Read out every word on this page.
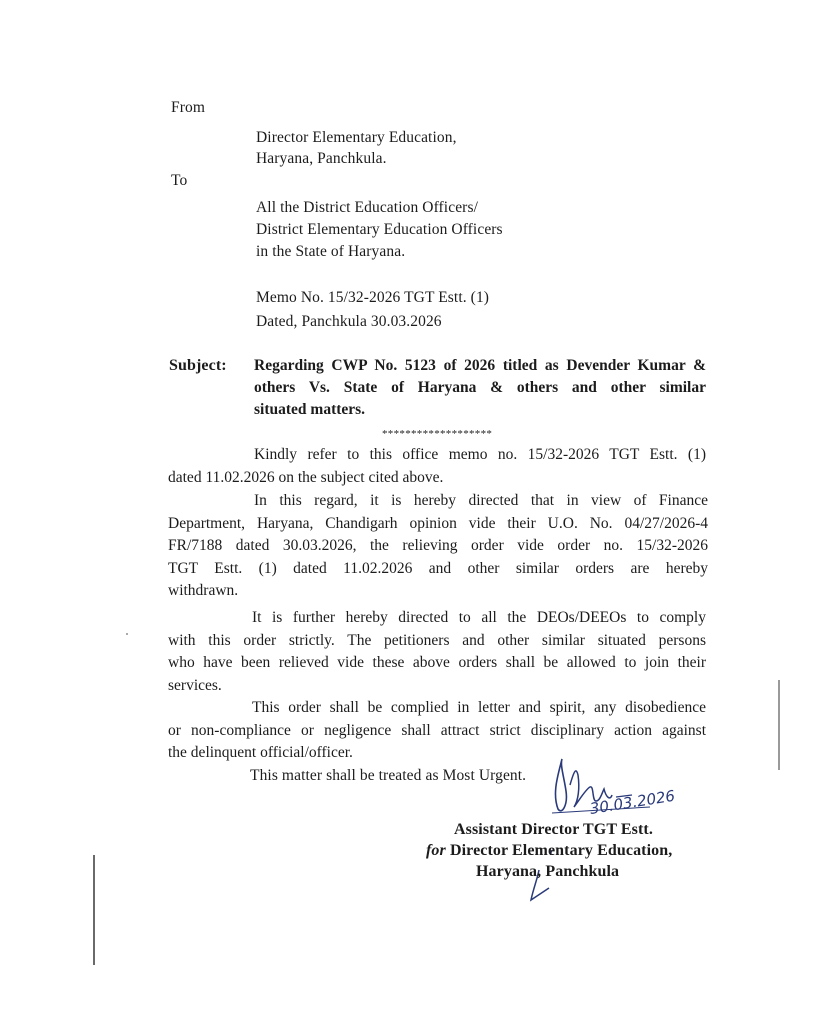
From
Director Elementary Education,
Haryana, Panchkula.
To
All the District Education Officers/
District Elementary Education Officers
in the State of Haryana.
Memo No. 15/32-2026 TGT Estt. (1)
Dated, Panchkula 30.03.2026
Subject: Regarding CWP No. 5123 of 2026 titled as Devender Kumar &
others Vs. State of Haryana & others and other similar
situated matters.
*******************
Kindly refer to this office memo no. 15/32-2026 TGT Estt. (1)
dated 11.02.2026 on the subject cited above.
In this regard, it is hereby directed that in view of Finance
Department, Haryana, Chandigarh opinion vide their U.O. No. 04/27/2026-4
FR/7188 dated 30.03.2026, the relieving order vide order no. 15/32-2026
TGT Estt. (1) dated 11.02.2026 and other similar orders are hereby
withdrawn.
It is further hereby directed to all the DEOs/DEEOs to comply
with this order strictly. The petitioners and other similar situated persons
who have been relieved vide these above orders shall be allowed to join their
services.
This order shall be complied in letter and spirit, any disobedience
or non-compliance or negligence shall attract strict disciplinary action against
the delinquent official/officer.
This matter shall be treated as Most Urgent.
30.03.2026
Assistant Director TGT Estt.
for Director Elementary Education,
Haryana, Panchkula
